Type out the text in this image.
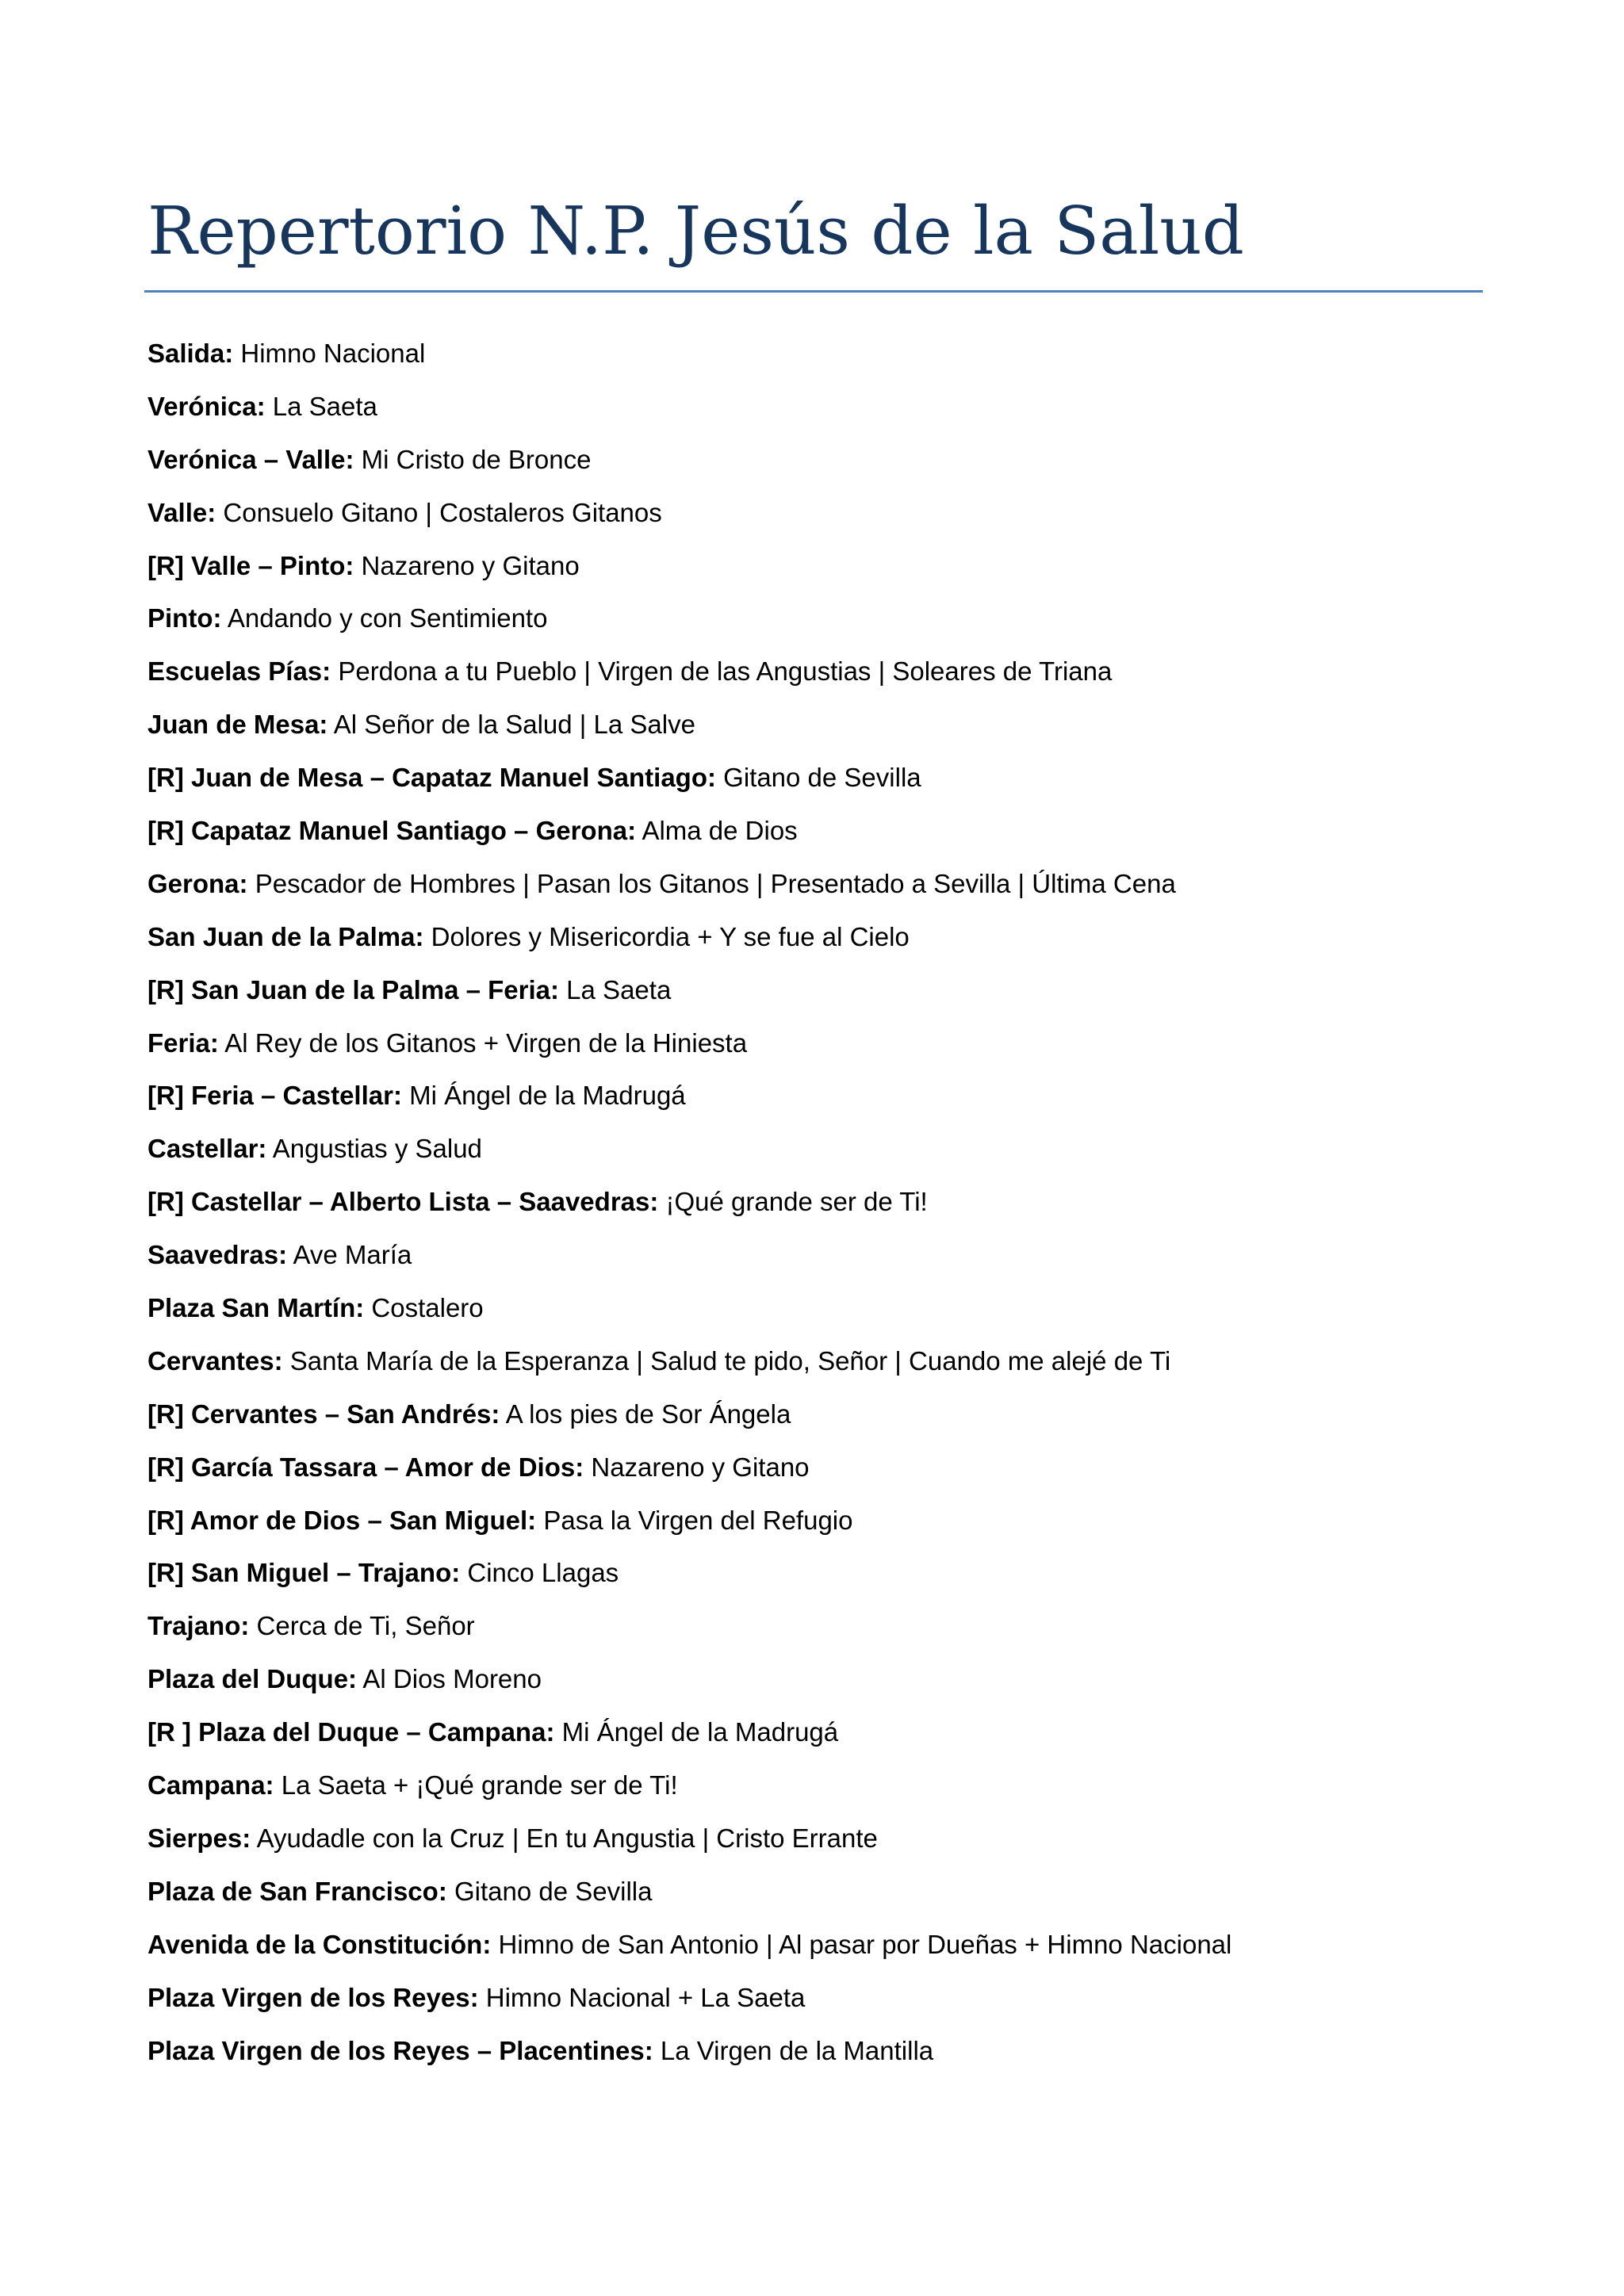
Repertorio N.P. Jesús de la Salud
Salida: Himno Nacional
Verónica: La Saeta
Verónica – Valle: Mi Cristo de Bronce
Valle: Consuelo Gitano | Costaleros Gitanos
[R] Valle – Pinto: Nazareno y Gitano
Pinto: Andando y con Sentimiento
Escuelas Pías: Perdona a tu Pueblo | Virgen de las Angustias | Soleares de Triana
Juan de Mesa: Al Señor de la Salud | La Salve
[R] Juan de Mesa – Capataz Manuel Santiago: Gitano de Sevilla
[R] Capataz Manuel Santiago – Gerona: Alma de Dios
Gerona: Pescador de Hombres | Pasan los Gitanos | Presentado a Sevilla | Última Cena
San Juan de la Palma: Dolores y Misericordia + Y se fue al Cielo
[R] San Juan de la Palma – Feria: La Saeta
Feria: Al Rey de los Gitanos + Virgen de la Hiniesta
[R] Feria – Castellar: Mi Ángel de la Madrugá
Castellar: Angustias y Salud
[R] Castellar – Alberto Lista – Saavedras: ¡Qué grande ser de Ti!
Saavedras: Ave María
Plaza San Martín: Costalero
Cervantes: Santa María de la Esperanza | Salud te pido, Señor | Cuando me alejé de Ti
[R] Cervantes – San Andrés: A los pies de Sor Ángela
[R] García Tassara – Amor de Dios: Nazareno y Gitano
[R] Amor de Dios – San Miguel: Pasa la Virgen del Refugio
[R] San Miguel – Trajano: Cinco Llagas
Trajano: Cerca de Ti, Señor
Plaza del Duque: Al Dios Moreno
[R ] Plaza del Duque – Campana: Mi Ángel de la Madrugá
Campana: La Saeta + ¡Qué grande ser de Ti!
Sierpes: Ayudadle con la Cruz | En tu Angustia | Cristo Errante
Plaza de San Francisco: Gitano de Sevilla
Avenida de la Constitución: Himno de San Antonio | Al pasar por Dueñas + Himno Nacional
Plaza Virgen de los Reyes: Himno Nacional + La Saeta
Plaza Virgen de los Reyes – Placentines: La Virgen de la Mantilla
